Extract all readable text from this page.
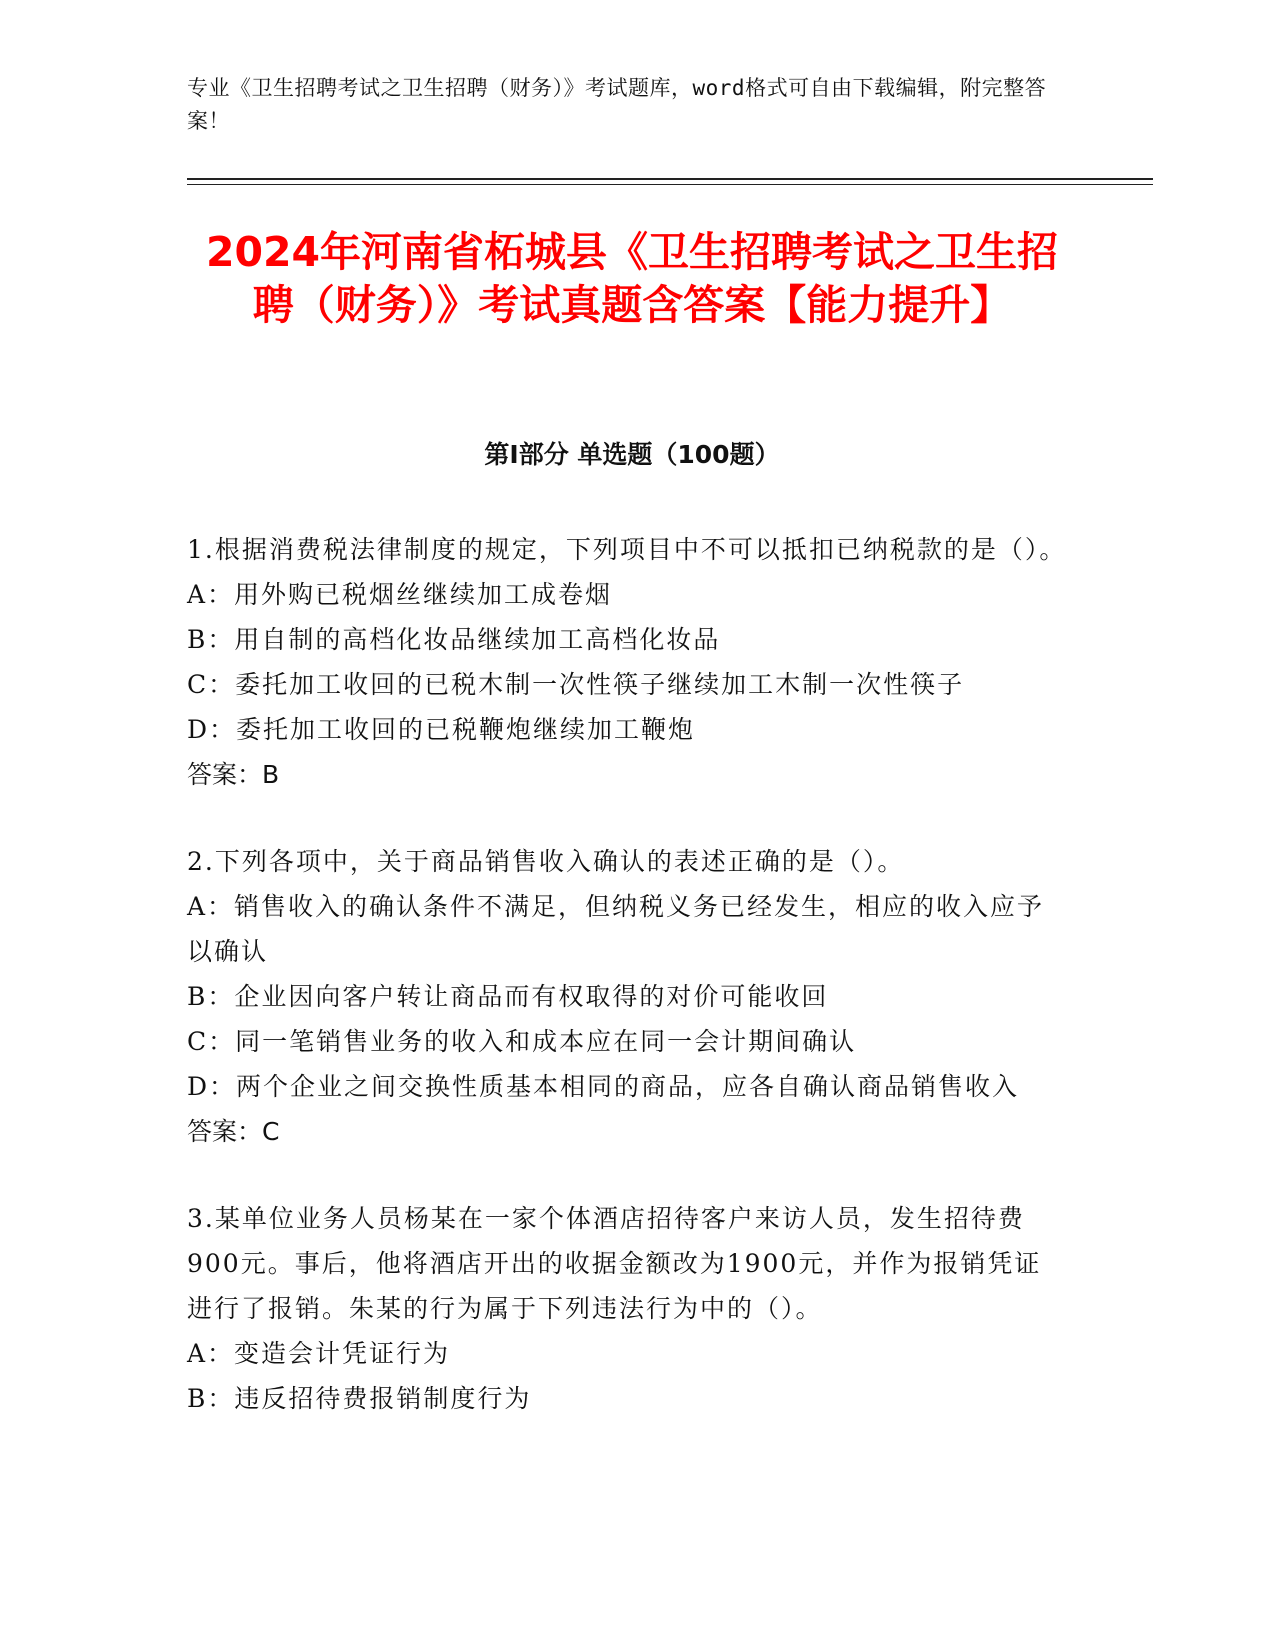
专业《卫生招聘考试之卫生招聘（财务）》考试题库，word格式可自由下载编辑，附完整答案！
2024年河南省柘城县《卫生招聘考试之卫生招聘（财务）》考试真题含答案【能力提升】
第Ⅰ部分 单选题（100题）

1.根据消费税法律制度的规定，下列项目中不可以抵扣已纳税款的是（）。

A：用外购已税烟丝继续加工成卷烟

B：用自制的高档化妆品继续加工高档化妆品

C：委托加工收回的已税木制一次性筷子继续加工木制一次性筷子

D：委托加工收回的已税鞭炮继续加工鞭炮

答案：B

2.下列各项中，关于商品销售收入确认的表述正确的是（）。

A：销售收入的确认条件不满足，但纳税义务已经发生，相应的收入应予以确认

B：企业因向客户转让商品而有权取得的对价可能收回

C：同一笔销售业务的收入和成本应在同一会计期间确认

D：两个企业之间交换性质基本相同的商品，应各自确认商品销售收入

答案：C

3.某单位业务人员杨某在一家个体酒店招待客户来访人员，发生招待费900元。事后，他将酒店开出的收据金额改为1900元，并作为报销凭证进行了报销。朱某的行为属于下列违法行为中的（）。

A：变造会计凭证行为

B：违反招待费报销制度行为
